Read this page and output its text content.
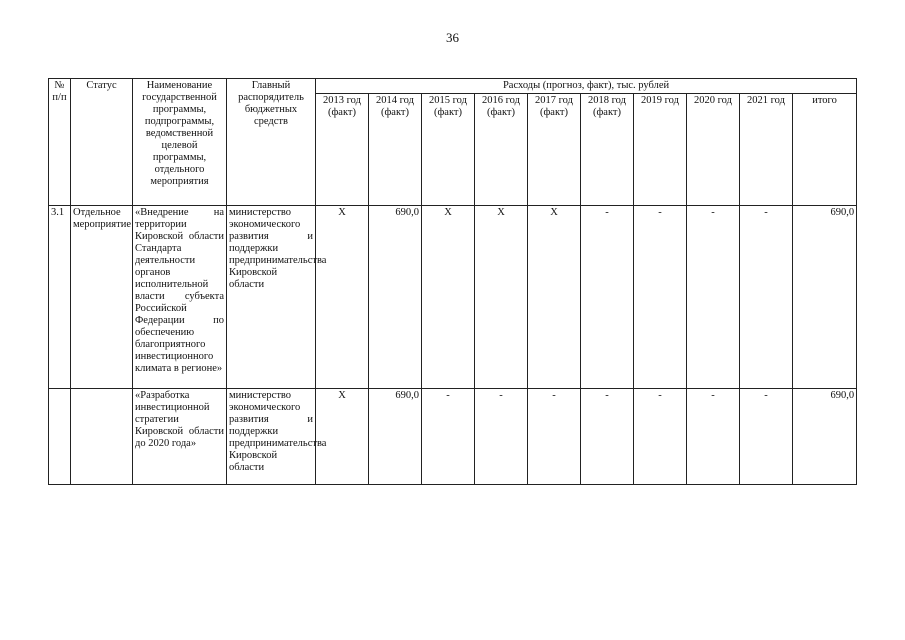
36
№ п/п	Статус	Наименование государственной программы, подпрограммы, ведомственной целевой программы, отдельного мероприятия	Главный распорядитель бюджетных средств	Расходы (прогноз, факт), тыс. рублей									
				2013 год (факт)	2014 год (факт)	2015 год (факт)	2016 год (факт)	2017 год (факт)	2018 год (факт)	2019 год	2020 год	2021 год	итого
3.1	Отдельное мероприятие	«Внедрение на территории Кировской области Стандарта деятельности органов исполнительной власти субъекта Российской Федерации по обеспечению благоприятного инвестиционного климата в регионе»	министерство экономического развития и поддержки предпринимательства Кировской области	Х	690,0	Х	Х	Х	-	-	-	-	690,0
		«Разработка инвестиционной стратегии Кировской области до 2020 года»	министерство экономического развития и поддержки предпринимательства Кировской области	Х	690,0	-	-	-	-	-	-	-	690,0
